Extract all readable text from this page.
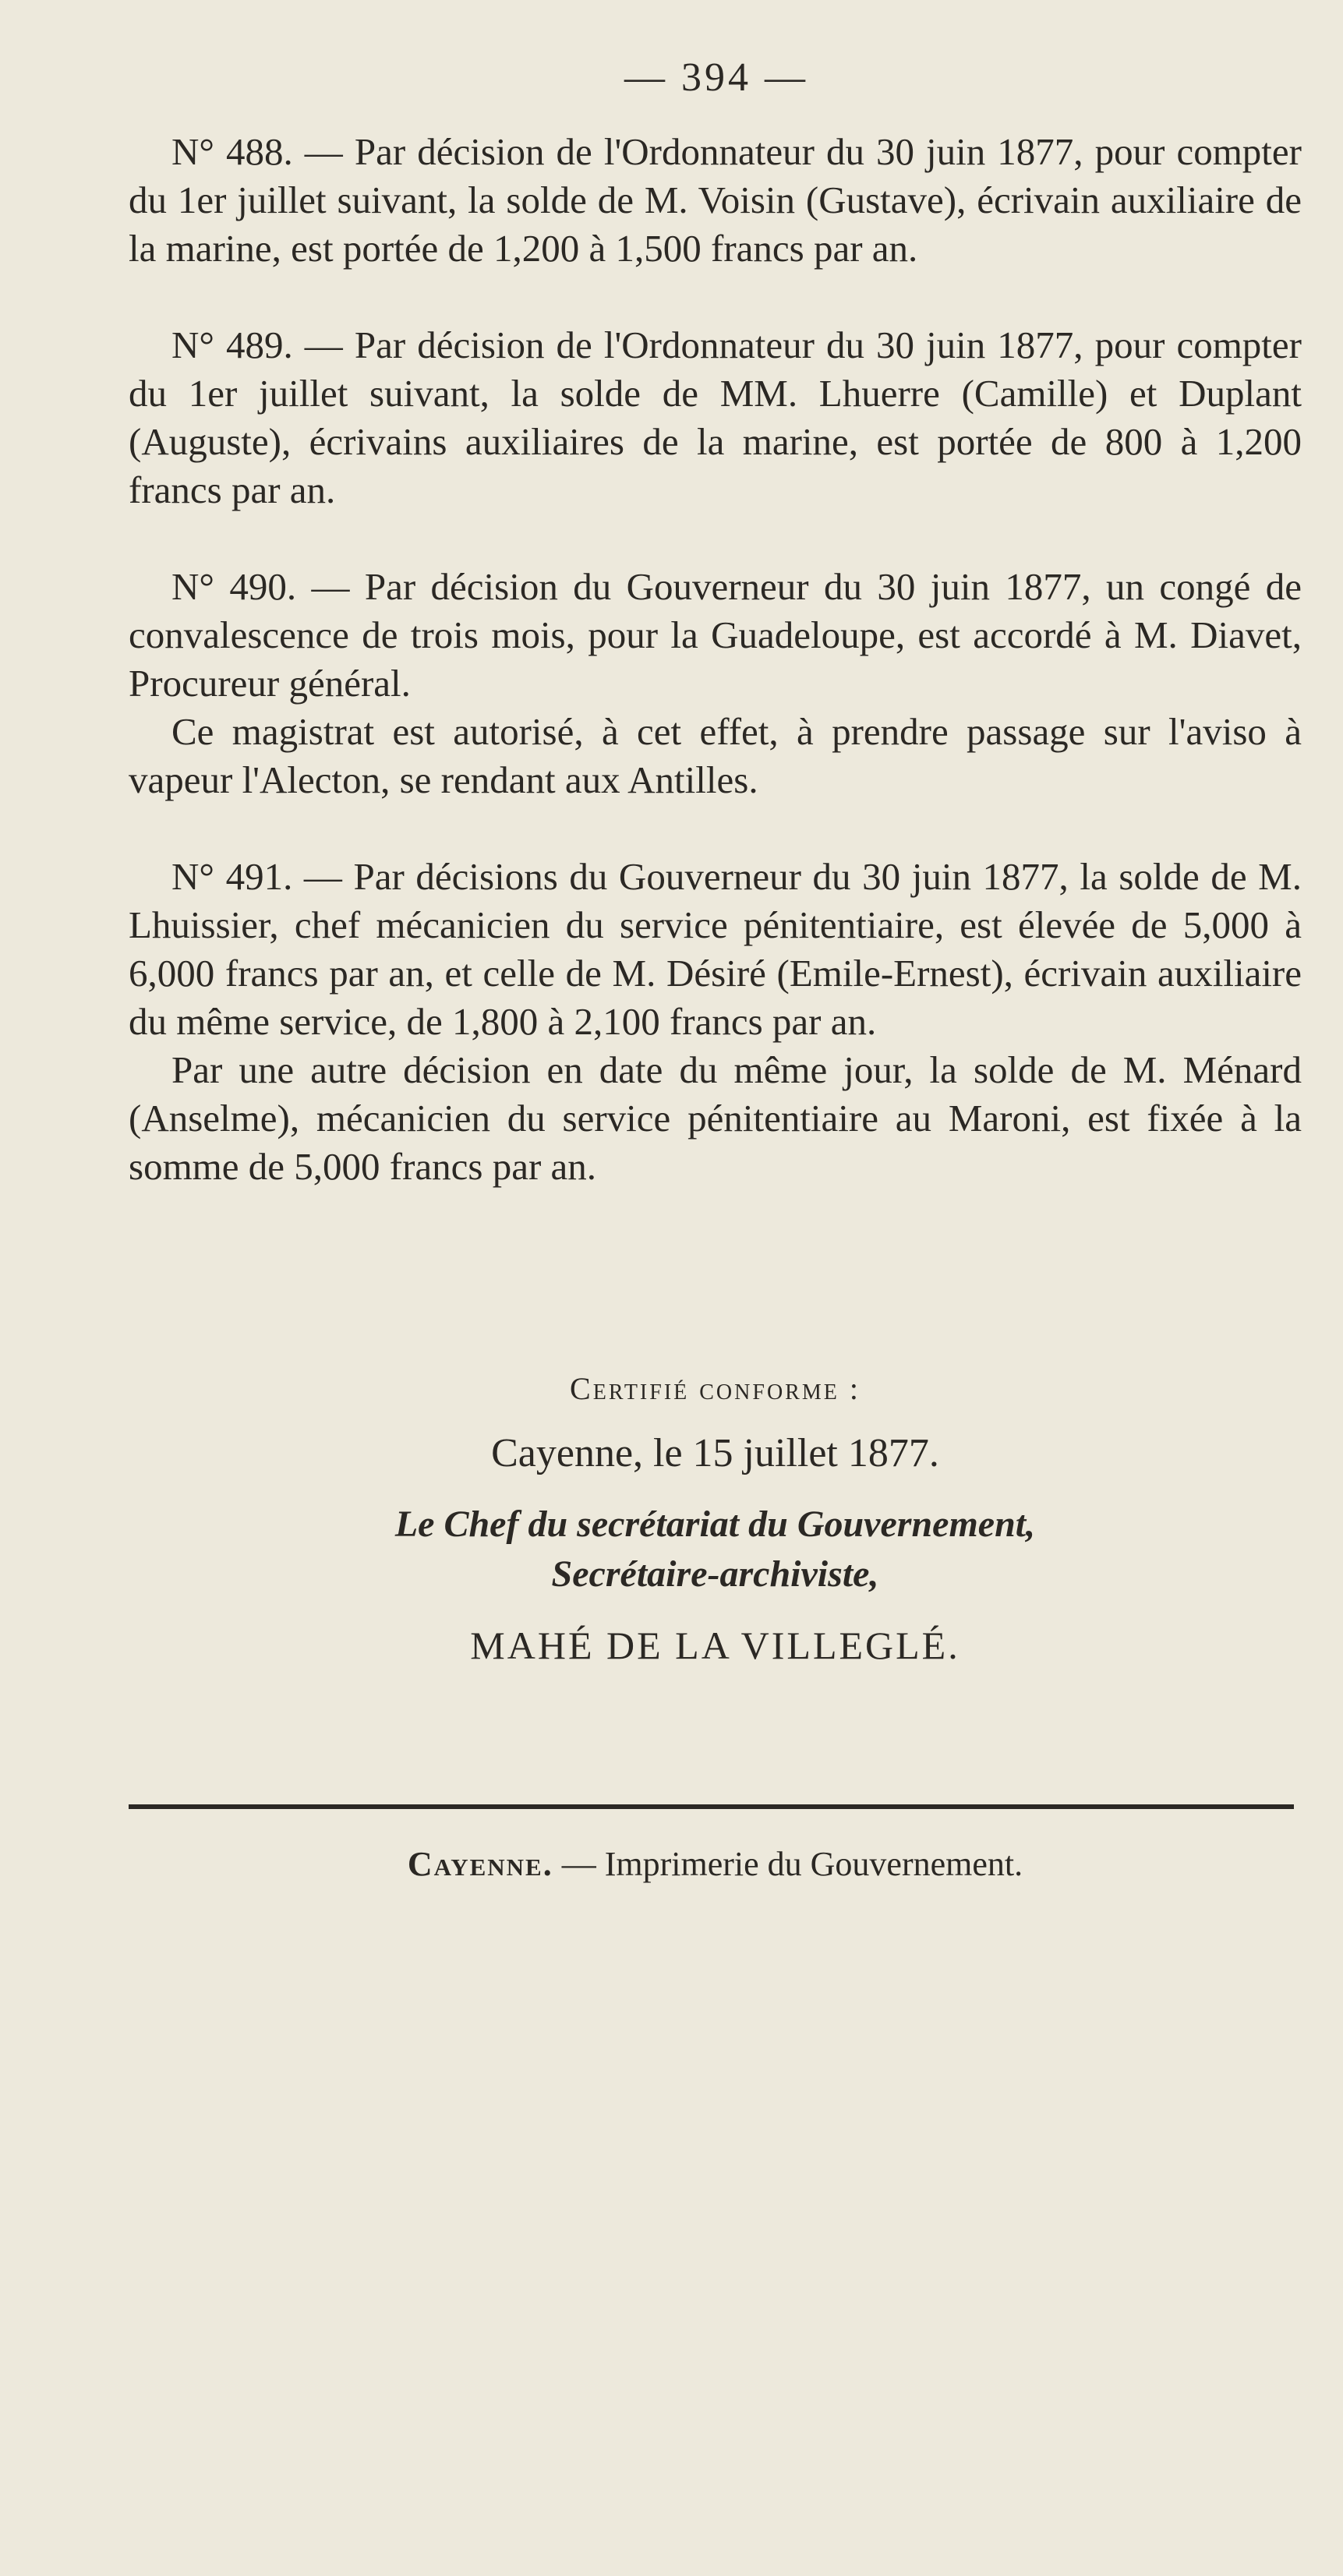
— 394 —

N° 488. — Par décision de l'Ordonnateur du 30 juin 1877, pour compter du 1er juillet suivant, la solde de M. Voisin (Gustave), écrivain auxiliaire de la marine, est portée de 1,200 à 1,500 francs par an.

N° 489. — Par décision de l'Ordonnateur du 30 juin 1877, pour compter du 1er juillet suivant, la solde de MM. Lhuerre (Camille) et Duplant (Auguste), écrivains auxiliaires de la marine, est portée de 800 à 1,200 francs par an.

N° 490. — Par décision du Gouverneur du 30 juin 1877, un congé de convalescence de trois mois, pour la Guadeloupe, est accordé à M. Diavet, Procureur général.

Ce magistrat est autorisé, à cet effet, à prendre passage sur l'aviso à vapeur l'Alecton, se rendant aux Antilles.

N° 491. — Par décisions du Gouverneur du 30 juin 1877, la solde de M. Lhuissier, chef mécanicien du service pénitentiaire, est élevée de 5,000 à 6,000 francs par an, et celle de M. Désiré (Emile-Ernest), écrivain auxiliaire du même service, de 1,800 à 2,100 francs par an.

Par une autre décision en date du même jour, la solde de M. Ménard (Anselme), mécanicien du service pénitentiaire au Maroni, est fixée à la somme de 5,000 francs par an.

Certifié conforme :
Cayenne, le 15 juillet 1877.
Le Chef du secrétariat du Gouvernement,
Secrétaire-archiviste,
MAHÉ DE LA VILLEGLÉ.
Cayenne. — Imprimerie du Gouvernement.
